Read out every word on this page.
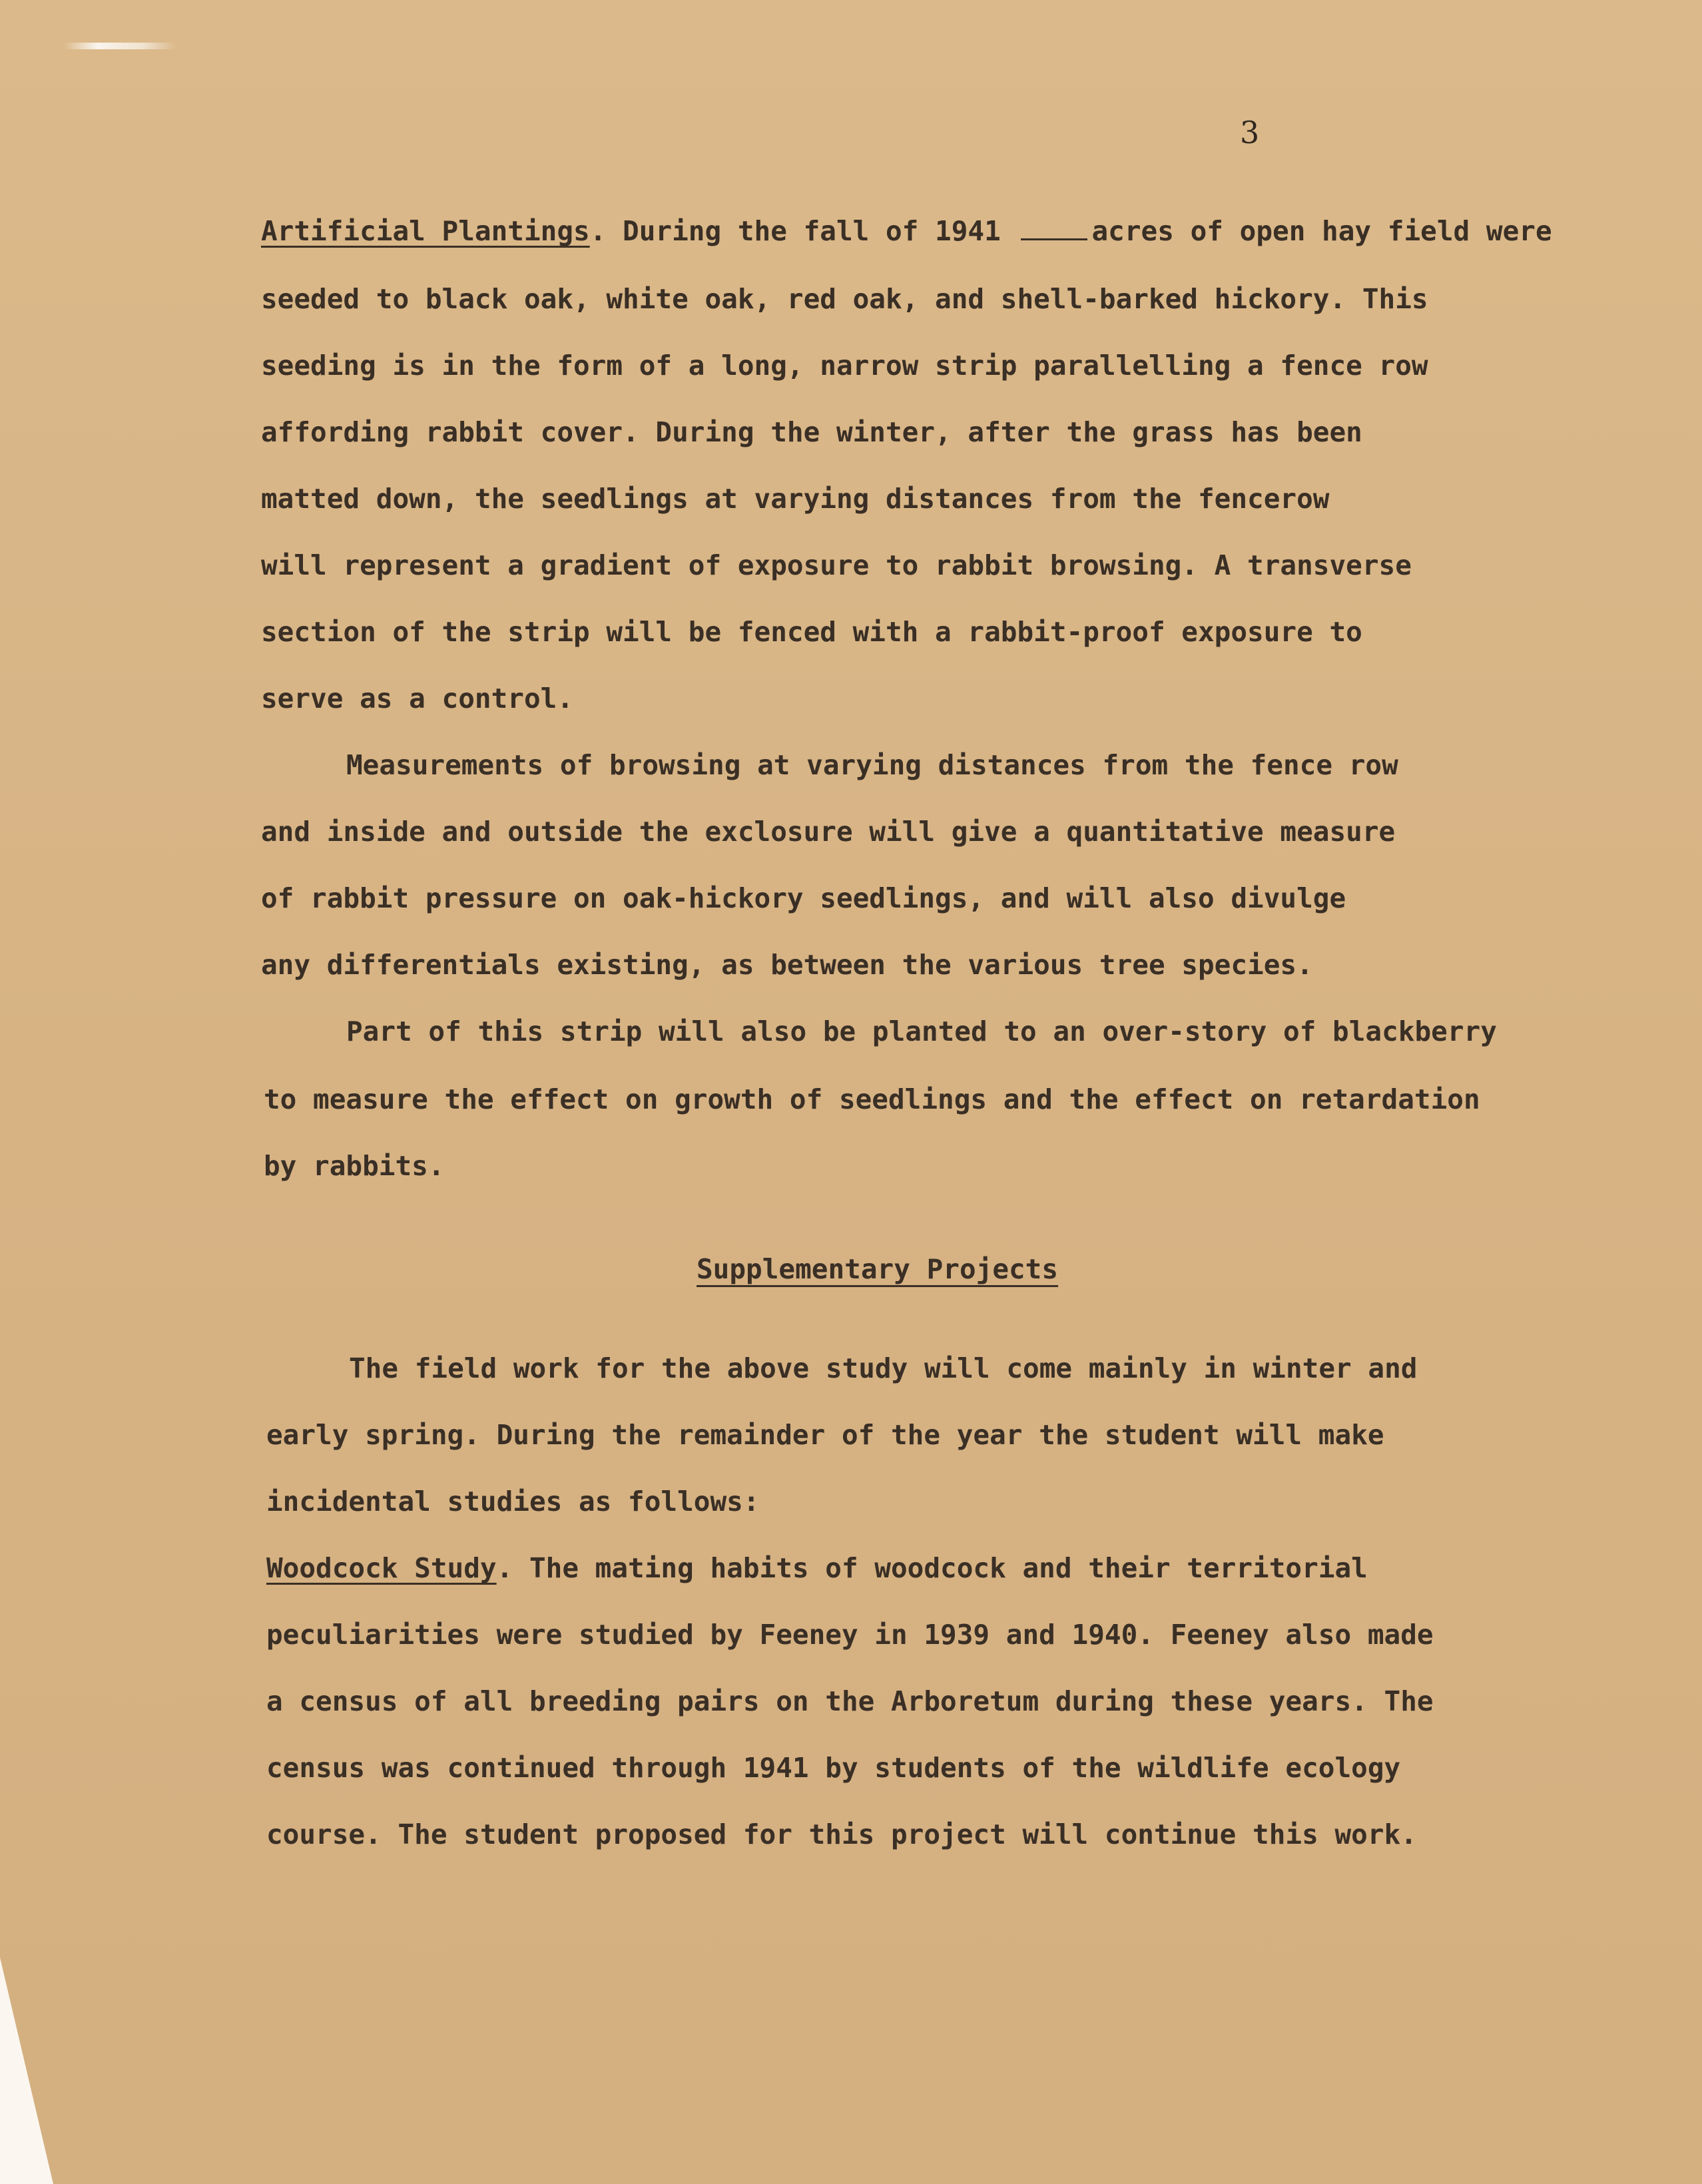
3

Artificial Plantings. During the fall of 1941	acres of open hay field were

seeded to black oak, white oak, red oak, and shell-barked hickory. This

seeding is in the form of a long, narrow strip parallelling a fence row

affording rabbit cover. During the winter, after the grass has been

matted down, the seedlings at varying distances from the fencerow

will represent a gradient of exposure to rabbit browsing. A transverse

section of the strip will be fenced with a rabbit-proof exposure to

serve as a control.

Measurements of browsing at varying distances from the fence row

and inside and outside the exclosure will give a quantitative measure

of rabbit pressure on oak-hickory seedlings, and will also divulge

any differentials existing, as between the various tree species.

Part of this strip will also be planted to an over-story of blackberry

to measure the effect on growth of seedlings and the effect on retardation

by rabbits.

Supplementary Projects

The field work for the above study will come mainly in winter and

early spring. During the remainder of the year the student will make

incidental studies as follows:

Woodcock Study. The mating habits of woodcock and their territorial

peculiarities were studied by Feeney in 1939 and 1940. Feeney also made

a census of all breeding pairs on the Arboretum during these years. The

census was continued through 1941 by students of the wildlife ecology

course. The student proposed for this project will continue this work.
